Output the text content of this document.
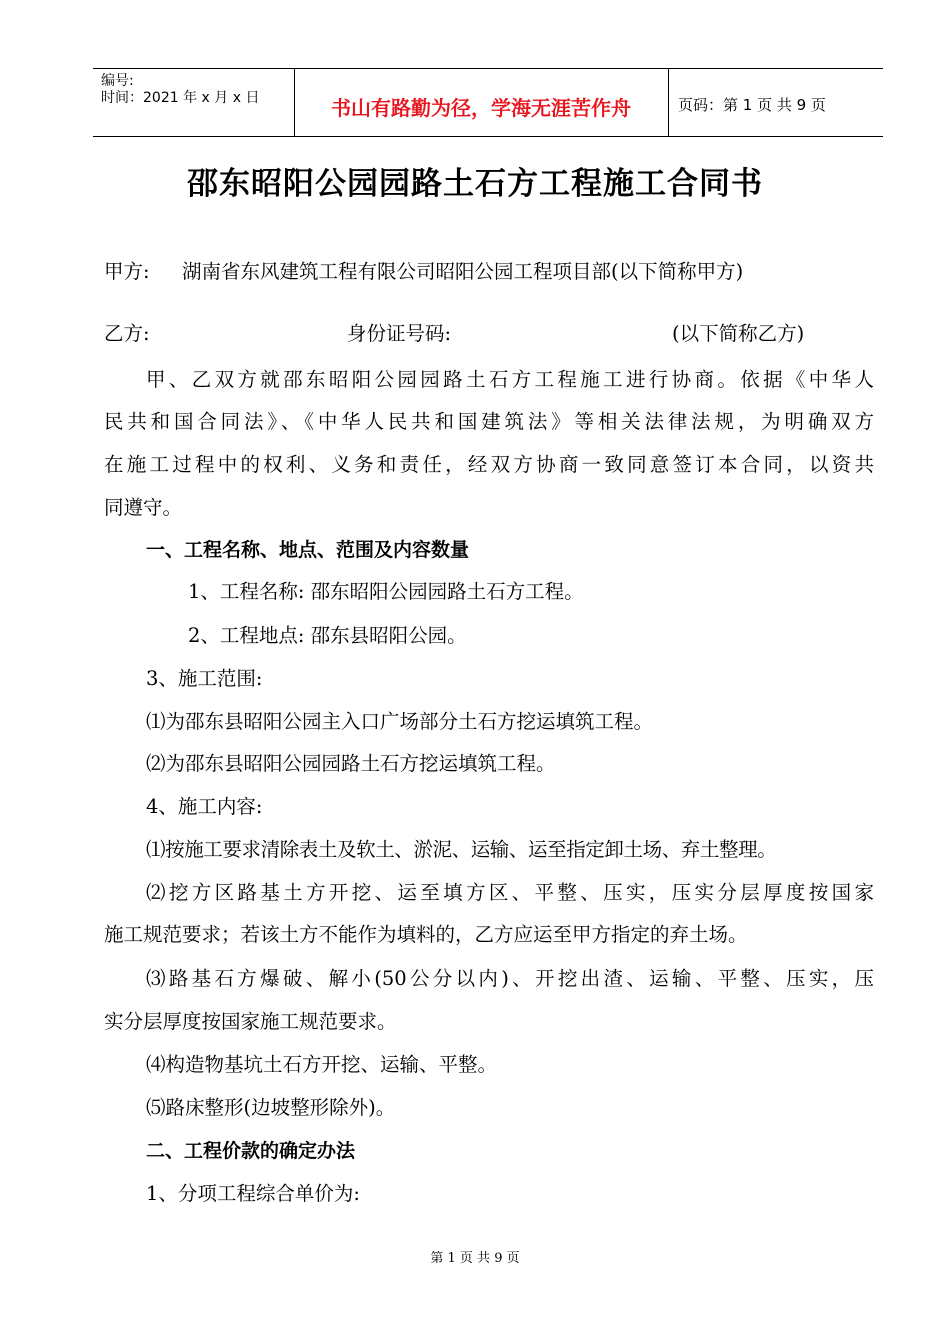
编号:
时间：2021 年 x 月 x 日	书山有路勤为径，学海无涯苦作舟	页码：第 1 页 共 9 页
邵东昭阳公园园路土石方工程施工合同书
甲方: 湖南省东风建筑工程有限公司昭阳公园工程项目部(以下简称甲方)
乙方:	身份证号码:	(以下简称乙方)
甲、乙双方就邵东昭阳公园园路土石方工程施工进行协商。依据《中华人
民共和国合同法》、《中华人民共和国建筑法》等相关法律法规，为明确双方
在施工过程中的权利、义务和责任，经双方协商一致同意签订本合同，以资共
同遵守。
一、工程名称、地点、范围及内容数量
1、工程名称: 邵东昭阳公园园路土石方工程。
2、工程地点: 邵东县昭阳公园。
3、施工范围:
⑴为邵东县昭阳公园主入口广场部分土石方挖运填筑工程。
⑵为邵东县昭阳公园园路土石方挖运填筑工程。
4、施工内容:
⑴按施工要求清除表土及软土、淤泥、运输、运至指定卸土场、弃土整理。
⑵挖方区路基土方开挖、运至填方区、平整、压实，压实分层厚度按国家
施工规范要求；若该土方不能作为填料的，乙方应运至甲方指定的弃土场。
⑶路基石方爆破、解小(50公分以内)、开挖出渣、运输、平整、压实，压
实分层厚度按国家施工规范要求。
⑷构造物基坑土石方开挖、运输、平整。
⑸路床整形(边坡整形除外)。
二、工程价款的确定办法
1、分项工程综合单价为:
第 1 页 共 9 页
